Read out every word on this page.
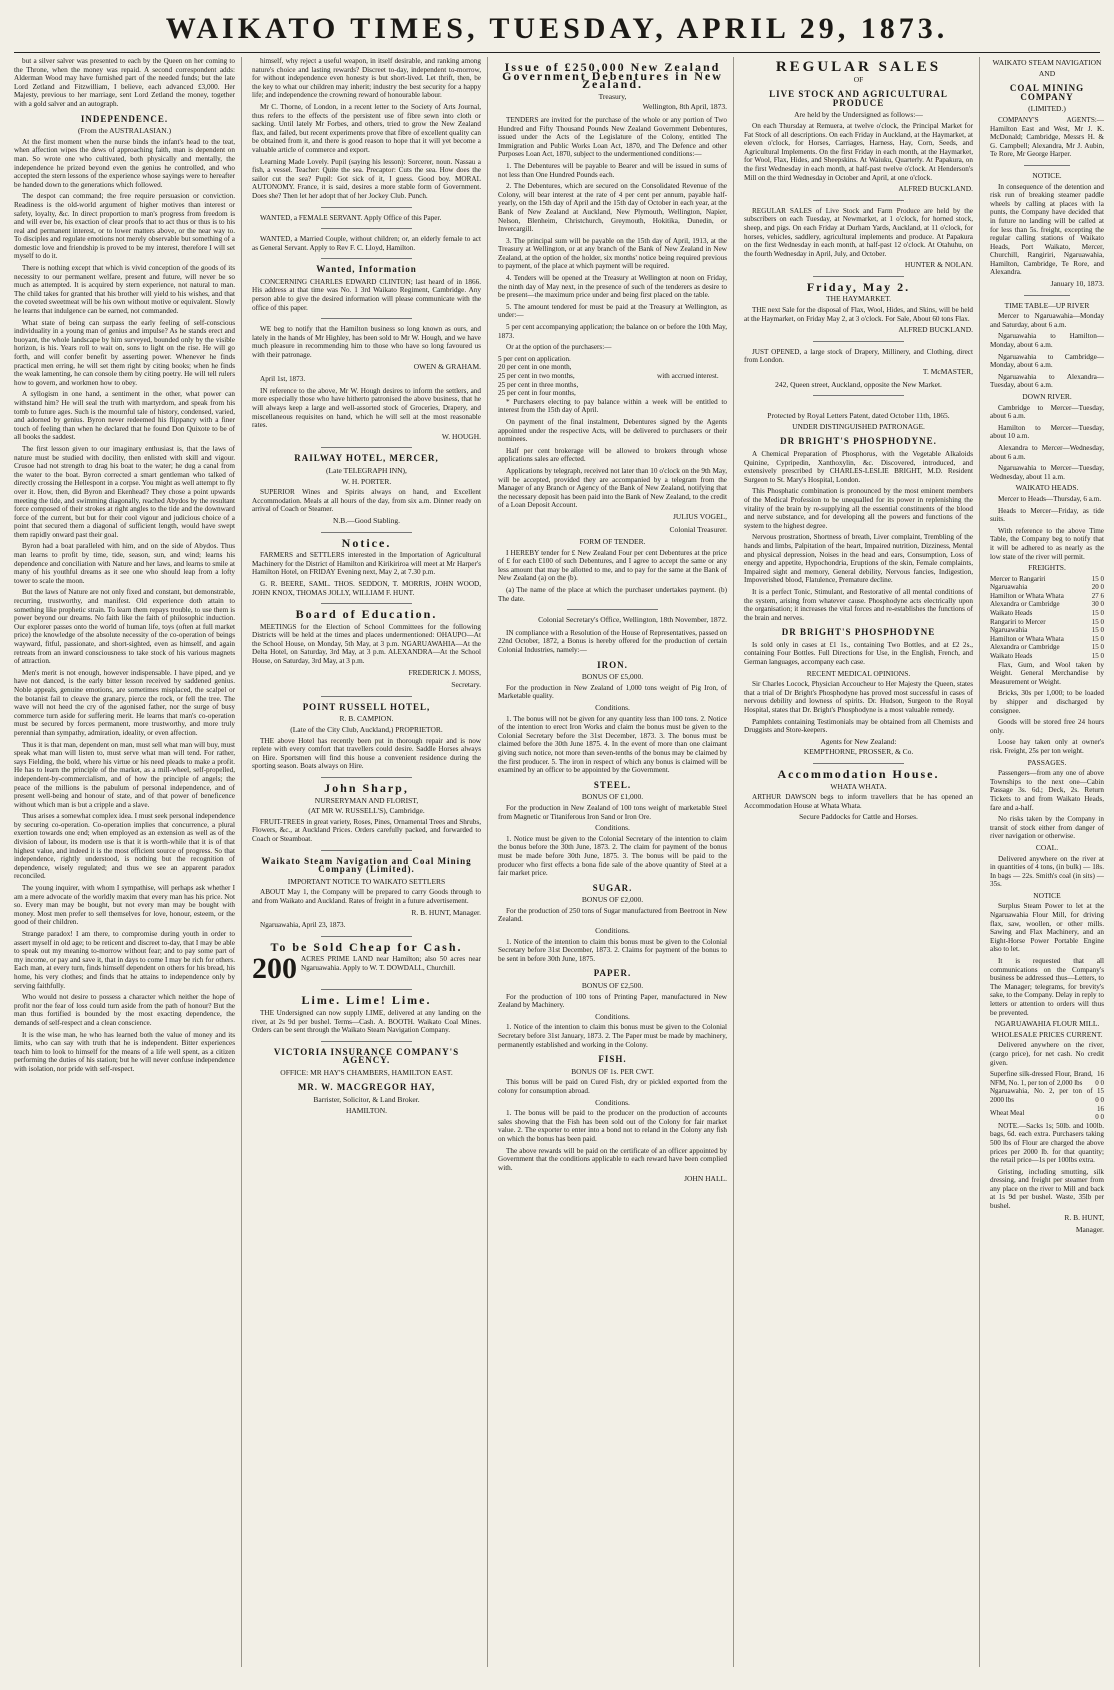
WAIKATO TIMES, TUESDAY, APRIL 29, 1873.
but a silver salver was presented to each by the Queen on her coming to the Throne, when the money was repaid. A second correspondent adds: Alderman Wood may have furnished part of the needed funds; but the late Lord Zetland and Fitzwilliam, I believe, each advanced £3,000. Her Majesty, previous to her marriage, sent Lord Zetland the money, together with a gold salver and an autograph.
INDEPENDENCE.
(From the AUSTRALASIAN.)
At the first moment when the nurse binds the infant's head to the teat, when affection wipes the dews of approaching faith, man is dependent on man. So wrote one who cultivated, both physically and mentally, the independence he prized beyond even the genius he controlled, and who accepted the stern lessons of the experience whose sayings were to hereafter be handed down to the generations which followed.
The despot can command; the free require persuasion or conviction. Readiness is the old-world argument of higher motives than interest or safety, loyalty, &c. In direct proportion to man's progress from freedom is and will ever be, his exaction of clear proofs that to act thus or thus is to his real and permanent interest, or to lower matters above, or the near way to. To disciples and regulate emotions not merely observable but something of a domestic love and friendship is proved to be my interest, therefore I will set myself to do it.
There is nothing except that which is vivid conception of the goods of its necessity to our permanent welfare, present and future, will never be so much as attempted. It is acquired by stern experience, not natural to man. The child takes for granted that his brother will yield to his wishes, and that the coveted sweetmeat will be his own without motive or equivalent. Slowly he learns that indulgence can be earned, not commanded.
What state of being can surpass the early feeling of self-conscious individuality in a young man of genius and impulse? As he stands erect and buoyant, the whole landscape by him surveyed, bounded only by the visible horizon, is his. Years roll to wait on, sons to light on the rise. He will go forth, and will confer benefit by asserting power. Whenever he finds practical men erring, he will set them right by citing books; when he finds the weak lamenting, he can console them by citing poetry. He will tell rulers how to govern, and workmen how to obey.
A syllogism in one hand, a sentiment in the other, what power can withstand him? He will seal the truth with martyrdom, and speak from his tomb to future ages. Such is the mournful tale of history, condensed, varied, and adorned by genius. Byron never redeemed his flippancy with a finer touch of feeling than when he declared that he found Don Quixote to be of all books the saddest.
The first lesson given to our imaginary enthusiast is, that the laws of nature must be studied with docility, then enlisted with skill and vigour. Crusoe had not strength to drag his boat to the water; he dug a canal from the water to the boat. Byron corrected a smart gentleman who talked of directly crossing the Hellespont in a corpse. You might as well attempt to fly over it. How, then, did Byron and Ekenhead? They chose a point upwards meeting the tide, and swimming diagonally, reached Abydos by the resultant force composed of their strokes at right angles to the tide and the downward force of the current, but but for their cool vigour and judicious choice of a point that secured them a diagonal of sufficient length, would have swept them rapidly onward past their goal.
Byron had a boat paralleled with him, and on the side of Abydos. Thus man learns to profit by time, tide, season, sun, and wind; learns his dependence and conciliation with Nature and her laws, and learns to smile at many of his youthful dreams as it see one who should leap from a lofty tower to scale the moon.
But the laws of Nature are not only fixed and constant, but demonstrable, recurring, trustworthy, and manifest. Old experience doth attain to something like prophetic strain. To learn them repays trouble, to use them is power beyond our dreams. No faith like the faith of philosophic induction. Our explorer passes onto the world of human life, toys (often at full market price) the knowledge of the absolute necessity of the co-operation of beings wayward, fitful, passionate, and short-sighted, even as himself, and again retreats from an inward consciousness to take stock of his various magnets of attraction.
Men's merit is not enough, however indispensable. I have piped, and ye have not danced, is the early bitter lesson received by saddened genius. Noble appeals, genuine emotions, are sometimes misplaced, the scalpel or the botanist fail to cleave the granary, pierce the rock, or fell the tree. The wave will not heed the cry of the agonised father, nor the surge of busy commerce turn aside for suffering merit. He learns that man's co-operation must be secured by forces permanent, more trustworthy, and more truly perennial than sympathy, admiration, ideality, or even affection.
Thus it is that man, dependent on man, must sell what man will buy, must speak what man will listen to, must serve what man will tend. For rather, says Fielding, the bold, where his virtue or his need pleads to make a profit. He has to learn the principle of the market, as a mill-wheel, self-propelled, independent-by-commercialism, and of how the principle of angels; the peace of the millions is the pabulum of personal independence, and of present well-being and honour of state, and of that power of beneficence without which man is but a cripple and a slave.
Thus arises a somewhat complex idea. I must seek personal independence by securing co-operation. Co-operation implies that concurrence, a plural exertion towards one end; when employed as an extension as well as of the division of labour, its modern use is that it is worth-while that it is of that highest value, and indeed it is the most efficient source of progress. So that independence, rightly understood, is nothing but the recognition of dependence, wisely regulated; and thus we see an apparent paradox reconciled.
The young inquirer, with whom I sympathise, will perhaps ask whether I am a mere advocate of the worldly maxim that every man has his price. Not so. Every man may be bought, but not every man may be bought with money. Most men prefer to sell themselves for love, honour, esteem, or the good of their children.
Strange paradox! I am there, to compromise during youth in order to assert myself in old age; to be reticent and discreet to-day, that I may be able to speak out my meaning to-morrow without fear; and to pay some part of my income, or pay and save it, that in days to come I may be rich for others. Each man, at every turn, finds himself dependent on others for his bread, his home, his very clothes; and finds that he attains to independence only by serving faithfully.
Who would not desire to possess a character which neither the hope of profit nor the fear of loss could turn aside from the path of honour? But the man thus fortified is bounded by the most exacting dependence, the demands of self-respect and a clean conscience.
It is the wise man, he who has learned both the value of money and its limits, who can say with truth that he is independent. Bitter experiences teach him to look to himself for the means of a life well spent, as a citizen performing the duties of his station; but he will never confuse independence with isolation, nor pride with self-respect.
himself, why reject a useful weapon, in itself desirable, and ranking among nature's choice and lasting rewards? Discreet to-day, independent to-morrow, for without independence even honesty is but short-lived. Let thrift, then, be the key to what our children may inherit; industry the best security for a happy life; and independence the crowning reward of honourable labour.
Mr C. Thorne, of London, in a recent letter to the Society of Arts Journal, thus refers to the effects of the persistent use of fibre sewn into cloth or sacking. Until lately Mr Forbes, and others, tried to grow the New Zealand flax, and failed, but recent experiments prove that fibre of excellent quality can be obtained from it, and there is good reason to hope that it will yet become a valuable article of commerce and export.
Learning Made Lovely. Pupil (saying his lesson): Sorcerer, noun. Nassau a fish, a vessel. Teacher: Quite the sea. Precaptor: Cuts the sea. How does the sailor cut the sea? Pupil: Got sick of it, I guess. Good boy. MORAL AUTONOMY. France, it is said, desires a more stable form of Government. Does she? Then let her adopt that of her Jockey Club. Punch.
WANTED, a FEMALE SERVANT. Apply Office of this Paper.
WANTED, a Married Couple, without children; or, an elderly female to act as General Servant. Apply to Rev F. C. Lloyd, Hamilton.
Wanted, Information
CONCERNING CHARLES EDWARD CLINTON; last heard of in 1866. His address at that time was No. 1 3rd Waikato Regiment, Cambridge. Any person able to give the desired information will please communicate with the office of this paper.
WE beg to notify that the Hamilton business so long known as ours, and lately in the hands of Mr Highley, has been sold to Mr W. Hough, and we have much pleasure in recommending him to those who have so long favoured us with their patronage.
OWEN & GRAHAM.
April 1st, 1873.
IN reference to the above, Mr W. Hough desires to inform the settlers, and more especially those who have hitherto patronised the above business, that he will always keep a large and well-assorted stock of Groceries, Drapery, and miscellaneous requisites on hand, which he will sell at the most reasonable rates.
W. HOUGH.
RAILWAY HOTEL, MERCER,
(Late TELEGRAPH INN),
W. H. PORTER.
SUPERIOR Wines and Spirits always on hand, and Excellent Accommodation. Meals at all hours of the day, from six a.m. Dinner ready on arrival of Coach or Steamer.
N.B.—Good Stabling.
Notice.
FARMERS and SETTLERS interested in the Importation of Agricultural Machinery for the District of Hamilton and Kirikiriroa will meet at Mr Harper's Hamilton Hotel, on FRIDAY Evening next, May 2, at 7.30 p.m.
G. R. BEERE, SAML. THOS. SEDDON, T. MORRIS, JOHN WOOD, JOHN KNOX, THOMAS JOLLY, WILLIAM F. HUNT.
Board of Education.
MEETINGS for the Election of School Committees for the following Districts will be held at the times and places undermentioned: OHAUPO—At the School House, on Monday, 5th May, at 3 p.m. NGARUAWAHIA—At the Delta Hotel, on Saturday, 3rd May, at 3 p.m. ALEXANDRA—At the School House, on Saturday, 3rd May, at 3 p.m.
FREDERICK J. MOSS,
Secretary.
POINT RUSSELL HOTEL,
R. B. CAMPION.
(Late of the City Club, Auckland,) PROPRIETOR.
THE above Hotel has recently been put in thorough repair and is now replete with every comfort that travellers could desire. Saddle Horses always on Hire. Sportsmen will find this house a convenient residence during the sporting season. Boats always on Hire.
John Sharp,
NURSERYMAN AND FLORIST,
(AT MR W. RUSSELL'S), Cambridge.
FRUIT-TREES in great variety, Roses, Pines, Ornamental Trees and Shrubs, Flowers, &c., at Auckland Prices. Orders carefully packed, and forwarded to Coach or Steamboat.
Waikato Steam Navigation and Coal Mining Company (Limited).
IMPORTANT NOTICE TO WAIKATO SETTLERS
ABOUT May 1, the Company will be prepared to carry Goods through to and from Waikato and Auckland. Rates of freight in a future advertisement.
R. B. HUNT, Manager.
Ngaruawahia, April 23, 1873.
To be Sold Cheap for Cash.
200 ACRES PRIME LAND near Hamilton; also 50 acres near Ngaruawahia. Apply to W. T. DOWDALL, Churchill.
Lime. Lime! Lime.
THE Undersigned can now supply LIME, delivered at any landing on the river, at 2s 9d per bushel. Terms—Cash. A. BOOTH. Waikato Coal Mines. Orders can be sent through the Waikato Steam Navigation Company.
VICTORIA INSURANCE COMPANY'S AGENCY.
OFFICE: MR HAY'S CHAMBERS, HAMILTON EAST.
MR. W. MACGREGOR HAY,
Barrister, Solicitor, & Land Broker.
HAMILTON.
Issue of £250,000 New Zealand Government Debentures in New Zealand.
Treasury,
Wellington, 8th April, 1873.
TENDERS are invited for the purchase of the whole or any portion of Two Hundred and Fifty Thousand Pounds New Zealand Government Debentures, issued under the Acts of the Legislature of the Colony, entitled The Immigration and Public Works Loan Act, 1870, and The Defence and other Purposes Loan Act, 1870, subject to the undermentioned conditions:—
1. The Debentures will be payable to Bearer and will be issued in sums of not less than One Hundred Pounds each.
2. The Debentures, which are secured on the Consolidated Revenue of the Colony, will bear interest at the rate of 4 per cent per annum, payable half-yearly, on the 15th day of April and the 15th day of October in each year, at the Bank of New Zealand at Auckland, New Plymouth, Wellington, Napier, Nelson, Blenheim, Christchurch, Greymouth, Hokitika, Dunedin, or Invercargill.
3. The principal sum will be payable on the 15th day of April, 1913, at the Treasury at Wellington, or at any branch of the Bank of New Zealand in New Zealand, at the option of the holder, six months' notice being required previous to payment, of the place at which payment will be required.
4. Tenders will be opened at the Treasury at Wellington at noon on Friday, the ninth day of May next, in the presence of such of the tenderers as desire to be present—the maximum price under and being first placed on the table.
5. The amount tendered for must be paid at the Treasury at Wellington, as under:—
5 per cent accompanying application; the balance on or before the 10th May, 1873.
Or at the option of the purchasers:—
5 per cent on application.
20 per cent in one month,
25 per cent in two months,
25 per cent in three months,
25 per cent in four months,
with accrued interest.
* Purchasers electing to pay balance within a week will be entitled to interest from the 15th day of April.
On payment of the final instalment, Debentures signed by the Agents appointed under the respective Acts, will be delivered to purchasers or their nominees.
Half per cent brokerage will be allowed to brokers through whose applications sales are effected.
Applications by telegraph, received not later than 10 o'clock on the 9th May, will be accepted, provided they are accompanied by a telegram from the Manager of any Branch or Agency of the Bank of New Zealand, notifying that the necessary deposit has been paid into the Bank of New Zealand, to the credit of a Loan Deposit Account.
JULIUS VOGEL,
Colonial Treasurer.
FORM OF TENDER.
I HEREBY tender for £ New Zealand Four per cent Debentures at the price of £ for each £100 of such Debentures, and I agree to accept the same or any less amount that may be allotted to me, and to pay for the same at the Bank of New Zealand (a) on the (b).
(a) The name of the place at which the purchaser undertakes payment. (b) The date.
Colonial Secretary's Office, Wellington, 18th November, 1872.
IN compliance with a Resolution of the House of Representatives, passed on 22nd October, 1872, a Bonus is hereby offered for the production of certain Colonial Industries, namely:—
IRON.
BONUS OF £5,000.
For the production in New Zealand of 1,000 tons weight of Pig Iron, of Marketable quality.
Conditions.
1. The bonus will not be given for any quantity less than 100 tons. 2. Notice of the intention to erect Iron Works and claim the bonus must be given to the Colonial Secretary before the 31st December, 1873. 3. The bonus must be claimed before the 30th June 1875. 4. In the event of more than one claimant giving such notice, not more than seven-tenths of the bonus may be claimed by the first producer. 5. The iron in respect of which any bonus is claimed will be examined by an officer to be appointed by the Government.
STEEL.
BONUS OF £1,000.
For the production in New Zealand of 100 tons weight of marketable Steel from Magnetic or Titaniferous Iron Sand or Iron Ore.
Conditions.
1. Notice must be given to the Colonial Secretary of the intention to claim the bonus before the 30th June, 1873. 2. The claim for payment of the bonus must be made before 30th June, 1875. 3. The bonus will be paid to the producer who first effects a bona fide sale of the above quantity of Steel at a fair market price.
SUGAR.
BONUS OF £2,000.
For the production of 250 tons of Sugar manufactured from Beetroot in New Zealand.
Conditions.
1. Notice of the intention to claim this bonus must be given to the Colonial Secretary before 31st December, 1873. 2. Claims for payment of the bonus to be sent in before 30th June, 1875.
PAPER.
BONUS OF £2,500.
For the production of 100 tons of Printing Paper, manufactured in New Zealand by Machinery.
Conditions.
1. Notice of the intention to claim this bonus must be given to the Colonial Secretary before 31st January, 1873. 2. The Paper must be made by machinery, permanently established and working in the Colony.
FISH.
BONUS OF 1s. PER CWT.
This bonus will be paid on Cured Fish, dry or pickled exported from the colony for consumption abroad.
Conditions.
1. The bonus will be paid to the producer on the production of accounts sales showing that the Fish has been sold out of the Colony for fair market value. 2. The exporter to enter into a bond not to reland in the Colony any fish on which the bonus has been paid.
The above rewards will be paid on the certificate of an officer appointed by Government that the conditions applicable to each reward have been complied with.
JOHN HALL.
REGULAR SALES
OF
LIVE STOCK AND AGRICULTURAL PRODUCE
Are held by the Undersigned as follows:—
On each Thursday at Remuera, at twelve o'clock, the Principal Market for Fat Stock of all descriptions. On each Friday in Auckland, at the Haymarket, at eleven o'clock, for Horses, Carriages, Harness, Hay, Corn, Seeds, and Agricultural Implements. On the first Friday in each month, at the Haymarket, for Wool, Flax, Hides, and Sheepskins. At Waiuku, Quarterly. At Papakura, on the first Wednesday in each month, at half-past twelve o'clock. At Henderson's Mill on the third Wednesday in October and April, at one o'clock.
ALFRED BUCKLAND.
REGULAR SALES of Live Stock and Farm Produce are held by the subscribers on each Tuesday, at Newmarket, at 1 o'clock, for horned stock, sheep, and pigs. On each Friday at Durham Yards, Auckland, at 11 o'clock, for horses, vehicles, saddlery, agricultural implements and produce. At Papakura on the first Wednesday in each month, at half-past 12 o'clock. At Otahuhu, on the fourth Wednesday in April, July, and October.
HUNTER & NOLAN.
Friday, May 2.
THE HAYMARKET.
THE next Sale for the disposal of Flax, Wool, Hides, and Skins, will be held at the Haymarket, on Friday May 2, at 3 o'clock. For Sale, About 60 tons Flax.
ALFRED BUCKLAND.
JUST OPENED, a large stock of Drapery, Millinery, and Clothing, direct from London.
T. McMASTER,
242, Queen street, Auckland, opposite the New Market.
Protected by Royal Letters Patent, dated October 11th, 1865.
UNDER DISTINGUISHED PATRONAGE.
DR BRIGHT'S PHOSPHODYNE.
A Chemical Preparation of Phosphorus, with the Vegetable Alkaloids Quinine, Cypripedin, Xanthoxylin, &c. Discovered, introduced, and extensively prescribed by CHARLES-LESLIE BRIGHT, M.D. Resident Surgeon to St. Mary's Hospital, London.
This Phosphatic combination is pronounced by the most eminent members of the Medical Profession to be unequalled for its power in replenishing the vitality of the brain by re-supplying all the essential constituents of the blood and nerve substance, and for developing all the powers and functions of the system to the highest degree.
Nervous prostration, Shortness of breath, Liver complaint, Trembling of the hands and limbs, Palpitation of the heart, Impaired nutrition, Dizziness, Mental and physical depression, Noises in the head and ears, Consumption, Loss of energy and appetite, Hypochondria, Eruptions of the skin, Female complaints, Impaired sight and memory, General debility, Nervous fancies, Indigestion, Impoverished blood, Flatulence, Premature decline.
It is a perfect Tonic, Stimulant, and Restorative of all mental conditions of the system, arising from whatever cause. Phosphodyne acts electrically upon the organisation; it increases the vital forces and re-establishes the functions of the brain and nerves.
DR BRIGHT'S PHOSPHODYNE
Is sold only in cases at £1 1s., containing Two Bottles, and at £2 2s., containing Four Bottles. Full Directions for Use, in the English, French, and German languages, accompany each case.
RECENT MEDICAL OPINIONS.
Sir Charles Locock, Physician Accoucheur to Her Majesty the Queen, states that a trial of Dr Bright's Phosphodyne has proved most successful in cases of nervous debility and lowness of spirits. Dr. Hudson, Surgeon to the Royal Hospital, states that Dr. Bright's Phosphodyne is a most valuable remedy.
Pamphlets containing Testimonials may be obtained from all Chemists and Druggists and Store-keepers.
Agents for New Zealand:
KEMPTHORNE, PROSSER, & Co.
Accommodation House.
WHATA WHATA.
ARTHUR DAWSON begs to inform travellers that he has opened an Accommodation House at Whata Whata.
Secure Paddocks for Cattle and Horses.
WAIKATO STEAM NAVIGATION
AND
COAL MINING COMPANY
(LIMITED.)
COMPANY'S AGENTS:—Hamilton East and West, Mr J. K. McDonald; Cambridge, Messrs H. & G. Campbell; Alexandra, Mr J. Aubin, Te Rore, Mr George Harper.
NOTICE.
In consequence of the detention and risk run of breaking steamer paddle wheels by calling at places with la punts, the Company have decided that in future no landing will be called at for less than 5s. freight, excepting the regular calling stations of Waikato Heads, Port Waikato, Mercer, Churchill, Rangiriri, Ngaruawahia, Hamilton, Cambridge, Te Rore, and Alexandra.
January 10, 1873.
TIME TABLE—UP RIVER
Mercer to Ngaruawahia—Monday and Saturday, about 6 a.m.
Ngaruawahia to Hamilton—Monday, about 6 a.m.
Ngaruawahia to Cambridge—Monday, about 6 a.m.
Ngaruawahia to Alexandra—Tuesday, about 6 a.m.
DOWN RIVER.
Cambridge to Mercer—Tuesday, about 6 a.m.
Hamilton to Mercer—Tuesday, about 10 a.m.
Alexandra to Mercer—Wednesday, about 6 a.m.
Ngaruawahia to Mercer—Tuesday, Wednesday, about 11 a.m.
WAIKATO HEADS.
Mercer to Heads—Thursday, 6 a.m.
Heads to Mercer—Friday, as tide suits.
With reference to the above Time Table, the Company beg to notify that it will be adhered to as nearly as the low state of the river will permit.
FREIGHTS.
Mercer to Rangariri	15 0
Ngaruawahia	20 0
Hamilton or Whata Whata	27 6
Alexandra or Cambridge	30 0
Waikato Heads	15 0
Rangariri to Mercer	15 0
Ngaruawahia	15 0
Hamilton or Whata Whata	15 0
Alexandra or Cambridge	15 0
Waikato Heads	15 0
Flax, Gum, and Wool taken by Weight. General Merchandise by Measurement or Weight.
Bricks, 30s per 1,000; to be loaded by shipper and discharged by consignee.
Goods will be stored free 24 hours only.
Loose hay taken only at owner's risk. Freight, 25s per ton weight.
PASSAGES.
Passengers—from any one of above Townships to the next one—Cabin Passage 3s. 6d.; Deck, 2s. Return Tickets to and from Waikato Heads, fare and a-half.
No risks taken by the Company in transit of stock either from danger of river navigation or otherwise.
COAL.
Delivered anywhere on the river at in quantities of 4 tons, (in bulk) — 18s. In bags — 22s. Smith's coal (in sits) — 35s.
NOTICE
Surplus Steam Power to let at the Ngaruawahia Flour Mill, for driving flax, saw, woollen, or other mills. Sawing and Flax Machinery, and an Eight-Horse Power Portable Engine also to let.
It is requested that all communications on the Company's business be addressed thus—Letters, to The Manager; telegrams, for brevity's sake, to the Company. Delay in reply to letters or attention to orders will thus be prevented.
NGARUAWAHIA FLOUR MILL.
WHOLESALE PRICES CURRENT.
Delivered anywhere on the river, (cargo price), for net cash. No credit given.
Superfine silk-dressed Flour, Brand, NFM, No. 1, per ton of 2,000 lbs	16 0 0
Ngaruawahia, No. 2, per ton of 2000 lbs	15 0 0
Wheat Meal	16 0 0
NOTE.—Sacks 1s; 50lb. and 100lb. bags, 6d. each extra. Purchasers taking 500 lbs of Flour are charged the above prices per 2000 lb. for that quantity; the retail price—1s per 100lbs extra.
Gristing, including smutting, silk dressing, and freight per steamer from any place on the river to Mill and back at 1s 9d per bushel. Waste, 35lb per bushel.
R. B. HUNT,
Manager.
